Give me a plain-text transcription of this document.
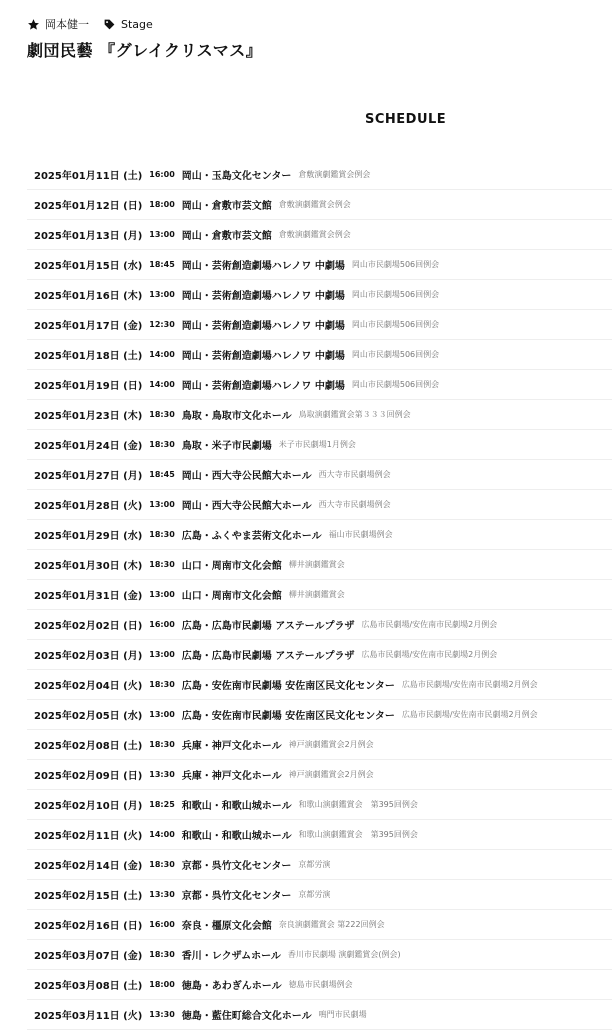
岡本健一	Stage
劇団民藝 『グレイクリスマス』
SCHEDULE
2025年01月11日 (土) 16:00 岡山・玉島文化センター 倉敷演劇鑑賞会例会
2025年01月12日 (日) 18:00 岡山・倉敷市芸文館 倉敷演劇鑑賞会例会
2025年01月13日 (月) 13:00 岡山・倉敷市芸文館 倉敷演劇鑑賞会例会
2025年01月15日 (水) 18:45 岡山・芸術創造劇場ハレノワ 中劇場 岡山市民劇場506回例会
2025年01月16日 (木) 13:00 岡山・芸術創造劇場ハレノワ 中劇場 岡山市民劇場506回例会
2025年01月17日 (金) 12:30 岡山・芸術創造劇場ハレノワ 中劇場 岡山市民劇場506回例会
2025年01月18日 (土) 14:00 岡山・芸術創造劇場ハレノワ 中劇場 岡山市民劇場506回例会
2025年01月19日 (日) 14:00 岡山・芸術創造劇場ハレノワ 中劇場 岡山市民劇場506回例会
2025年01月23日 (木) 18:30 鳥取・鳥取市文化ホール 鳥取演劇鑑賞会第３３３回例会
2025年01月24日 (金) 18:30 鳥取・米子市民劇場 米子市民劇場1月例会
2025年01月27日 (月) 18:45 岡山・西大寺公民館大ホール 西大寺市民劇場例会
2025年01月28日 (火) 13:00 岡山・西大寺公民館大ホール 西大寺市民劇場例会
2025年01月29日 (水) 18:30 広島・ふくやま芸術文化ホール 福山市民劇場例会
2025年01月30日 (木) 18:30 山口・周南市文化会館 柳井演劇鑑賞会
2025年01月31日 (金) 13:00 山口・周南市文化会館 柳井演劇鑑賞会
2025年02月02日 (日) 16:00 広島・広島市民劇場 アステールプラザ 広島市民劇場/安佐南市民劇場2月例会
2025年02月03日 (月) 13:00 広島・広島市民劇場 アステールプラザ 広島市民劇場/安佐南市民劇場2月例会
2025年02月04日 (火) 18:30 広島・安佐南市民劇場 安佐南区民文化センター 広島市民劇場/安佐南市民劇場2月例会
2025年02月05日 (水) 13:00 広島・安佐南市民劇場 安佐南区民文化センター 広島市民劇場/安佐南市民劇場2月例会
2025年02月08日 (土) 18:30 兵庫・神戸文化ホール 神戸演劇鑑賞会2月例会
2025年02月09日 (日) 13:30 兵庫・神戸文化ホール 神戸演劇鑑賞会2月例会
2025年02月10日 (月) 18:25 和歌山・和歌山城ホール 和歌山演劇鑑賞会　第395回例会
2025年02月11日 (火) 14:00 和歌山・和歌山城ホール 和歌山演劇鑑賞会　第395回例会
2025年02月14日 (金) 18:30 京都・呉竹文化センター 京都労演
2025年02月15日 (土) 13:30 京都・呉竹文化センター 京都労演
2025年02月16日 (日) 16:00 奈良・橿原文化会館 奈良演劇鑑賞会 第222回例会
2025年03月07日 (金) 18:30 香川・レクザムホール 香川市民劇場 演劇鑑賞会(例会)
2025年03月08日 (土) 18:00 徳島・あわぎんホール 徳島市民劇場例会
2025年03月11日 (火) 13:30 徳島・藍住町総合文化ホール 鳴門市民劇場
